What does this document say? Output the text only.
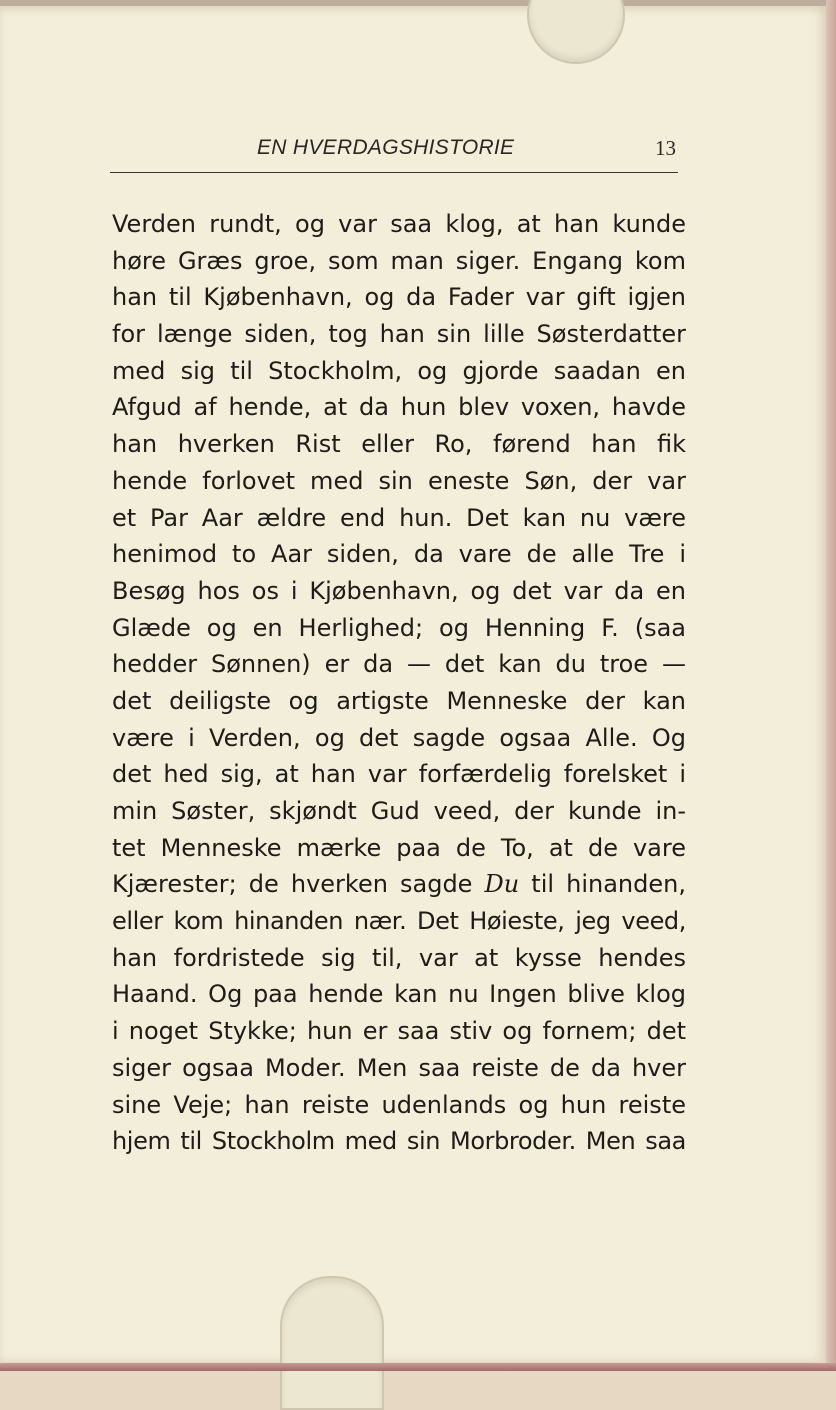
EN HVERDAGSHISTORIE	13
Verden rundt, og var saa klog, at han kunde
høre Græs groe, som man siger. Engang kom
han til Kjøbenhavn, og da Fader var gift igjen
for længe siden, tog han sin lille Søsterdatter
med sig til Stockholm, og gjorde saadan en
Afgud af hende, at da hun blev voxen, havde
han hverken Rist eller Ro, førend han fik
hende forlovet med sin eneste Søn, der var
et Par Aar ældre end hun. Det kan nu være
henimod to Aar siden, da vare de alle Tre i
Besøg hos os i Kjøbenhavn, og det var da en
Glæde og en Herlighed; og Henning F. (saa
hedder Sønnen) er da — det kan du troe —
det deiligste og artigste Menneske der kan
være i Verden, og det sagde ogsaa Alle. Og
det hed sig, at han var forfærdelig forelsket i
min Søster, skjøndt Gud veed, der kunde in-
tet Menneske mærke paa de To, at de vare
Kjærester; de hverken sagde Du til hinanden,
eller kom hinanden nær. Det Høieste, jeg veed,
han fordristede sig til, var at kysse hendes
Haand. Og paa hende kan nu Ingen blive klog
i noget Stykke; hun er saa stiv og fornem; det
siger ogsaa Moder. Men saa reiste de da hver
sine Veje; han reiste udenlands og hun reiste
hjem til Stockholm med sin Morbroder. Men saa
